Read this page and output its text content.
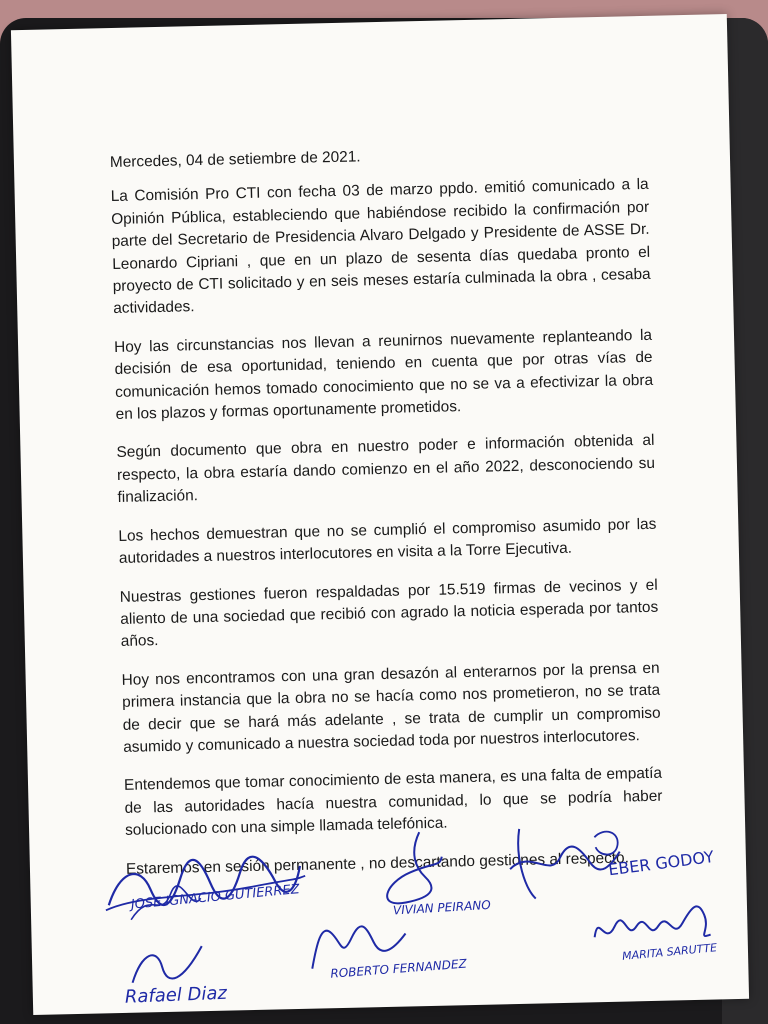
Mercedes, 04 de setiembre de 2021.

La Comisión Pro CTI con fecha 03 de marzo ppdo. emitió comunicado a la Opinión Pública, estableciendo que habiéndose recibido la confirmación por parte del Secretario de Presidencia Alvaro Delgado y Presidente de ASSE Dr. Leonardo Cipriani , que en un plazo de sesenta días quedaba pronto el proyecto de CTI solicitado y en seis meses estaría culminada la obra , cesaba actividades.

Hoy las circunstancias nos llevan a reunirnos nuevamente replanteando la decisión de esa oportunidad, teniendo en cuenta que por otras vías de comunicación hemos tomado conocimiento que no se va a efectivizar la obra en los plazos y formas oportunamente prometidos.

Según documento que obra en nuestro poder e información obtenida al respecto, la obra estaría dando comienzo en el año 2022, desconociendo su finalización.

Los hechos demuestran que no se cumplió el compromiso asumido por las autoridades a nuestros interlocutores en visita a la Torre Ejecutiva.

Nuestras gestiones fueron respaldadas por 15.519 firmas de vecinos y el aliento de una sociedad que recibió con agrado la noticia esperada por tantos años.

Hoy nos encontramos con una gran desazón al enterarnos por la prensa en primera instancia que la obra no se hacía como nos prometieron, no se trata de decir que se hará más adelante , se trata de cumplir un compromiso asumido y comunicado a nuestra sociedad toda por nuestros interlocutores.

Entendemos que tomar conocimiento de esta manera, es una falta de empatía de las autoridades hacía nuestra comunidad, lo que se podría haber solucionado con una simple llamada telefónica.

Estaremos en sesión permanente , no descartando gestiones al respecto.

JOSE IGNACIO GUTIERREZ	VIVIAN PEIRANO
EBER GODOY
ROBERTO FERNANDEZ
MARITA SARUTTE
Rafael Diaz
